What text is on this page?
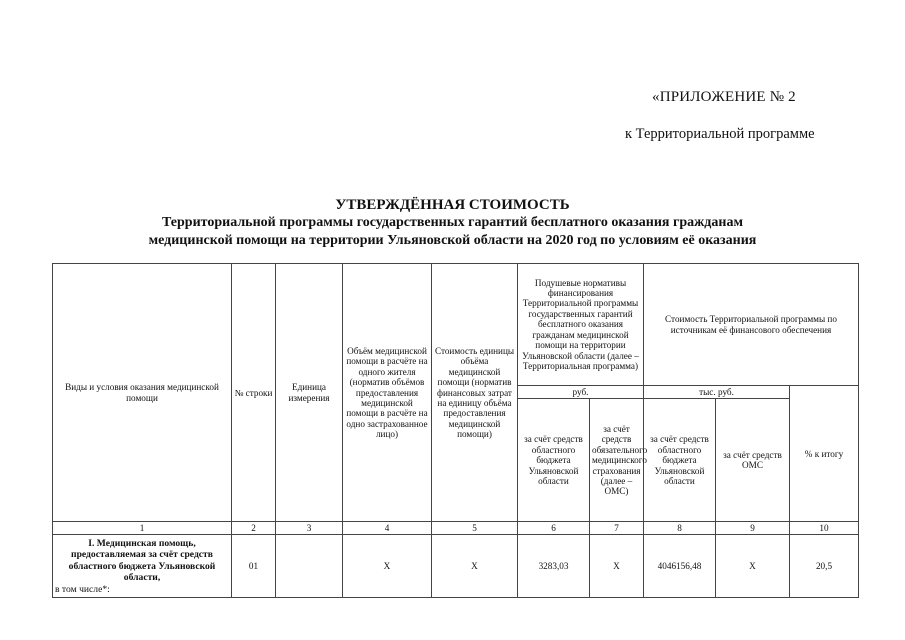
«ПРИЛОЖЕНИЕ № 2
к Территориальной программе
УТВЕРЖДЁННАЯ СТОИМОСТЬ
Территориальной программы государственных гарантий бесплатного оказания гражданам
медицинской помощи на территории Ульяновской области на 2020 год по условиям её оказания
Виды и условия оказания медицинской помощи	№ строки	Единица измерения	Объём медицинской помощи в расчёте на одного жителя (норматив объёмов предоставления медицинской помощи в расчёте на одно застрахованное лицо)	Стоимость единицы объёма медицинской помощи (норматив финансовых затрат на единицу объёма предоставления медицинской помощи)	Подушевые нормативы финансирования Территориальной программы государственных гарантий бесплатного оказания гражданам медицинской помощи на территории Ульяновской области (далее – Территориальная программа)		Стоимость Территориальной программы по источникам её финансового обеспечения		
					руб.		тыс. руб.		% к итогу
					за счёт средств областного бюджета Ульяновской области	за счёт средств обязательного медицинского страхования (далее – ОМС)	за счёт средств областного бюджета Ульяновской области	за счёт средств ОМС	
1	2	3	4	5	6	7	8	9	10
I. Медицинская помощь, предоставляемая за счёт средств областного бюджета Ульяновской области,
в том числе*:	01		Х	Х	3283,03	Х	4046156,48	Х	20,5
